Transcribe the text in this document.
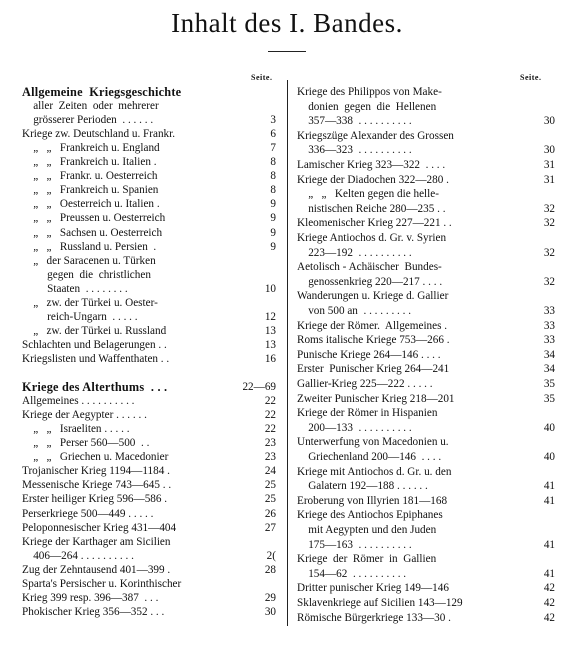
Inhalt des I. Bandes.
Seite.	Seite.
Allgemeine  Kriegsgeschichte
aller  Zeiten  oder  mehrerer
grösserer Perioden  . . . . . .	3
Kriege zw. Deutschland u. Frankr.	6
„   „   Frankreich u. England	7
„   „   Frankreich u. Italien .	8
„   „   Frankr. u. Oesterreich	8
„   „   Frankreich u. Spanien	8
„   „   Oesterreich u. Italien .	9
„   „   Preussen u. Oesterreich	9
„   „   Sachsen u. Oesterreich	9
„   „   Russland u. Persien  .	9
„   der Saracenen u. Türken
gegen  die  christlichen
Staaten  . . . . . . . .	10
„   zw. der Türkei u. Oester-
reich-Ungarn  . . . . .	12
„   zw. der Türkei u. Russland	13
Schlachten und Belagerungen . .	13
Kriegslisten und Waffenthaten . .	16
Kriege des Alterthums  . . .	22—69
Allgemeines . . . . . . . . . .	22
Kriege der Aegypter . . . . . .	22
„   „   Israeliten . . . . .	22
„   „   Perser 560—500  . .	23
„   „   Griechen u. Macedonier	23
Trojanischer Krieg 1194—1184 .	24
Messenische Kriege 743—645 . .	25
Erster heiliger Krieg 596—586 .	25
Perserkriege 500—449 . . . . .	26
Peloponnesischer Krieg 431—404	27
Kriege der Karthager am Sicilien
406—264 . . . . . . . . . .	2(
Zug der Zehntausend 401—399 .	28
Sparta's Persischer u. Korinthischer
Krieg 399 resp. 396—387  . . .	29
Phokischer Krieg 356—352 . . .	30
Kriege des Philippos von Make-
donien  gegen  die  Hellenen
357—338  . . . . . . . . . .	30
Kriegszüge Alexander des Grossen
336—323  . . . . . . . . . .	30
Lamischer Krieg 323—322  . . . .	31
Kriege der Diadochen 322—280 .	31
„   „   Kelten gegen die helle-
nistischen Reiche 280—235 . .	32
Kleomenischer Krieg 227—221 . .	32
Kriege Antiochos d. Gr. v. Syrien
223—192  . . . . . . . . . .	32
Aetolisch - Achäischer  Bundes-
genossenkrieg 220—217 . . . .	32
Wanderungen u. Kriege d. Gallier
von 500 an  . . . . . . . . .	33
Kriege der Römer.  Allgemeines .	33
Roms italische Kriege 753—266 .	33
Punische Kriege 264—146 . . . .	34
Erster  Punischer Krieg 264—241	34
Gallier-Krieg 225—222 . . . . .	35
Zweiter Punischer Krieg 218—201	35
Kriege der Römer in Hispanien
200—133  . . . . . . . . . .	40
Unterwerfung von Macedonien u.
Griechenland 200—146  . . . .	40
Kriege mit Antiochos d. Gr. u. den
Galatern 192—188 . . . . . .	41
Eroberung von Illyrien 181—168	41
Kriege des Antiochos Epiphanes
mit Aegypten und den Juden
175—163  . . . . . . . . . .	41
Kriege  der  Römer  in  Gallien
154—62  . . . . . . . . . .	41
Dritter punischer Krieg 149—146	42
Sklavenkriege auf Sicilien 143—129	42
Römische Bürgerkriege 133—30 .	42
